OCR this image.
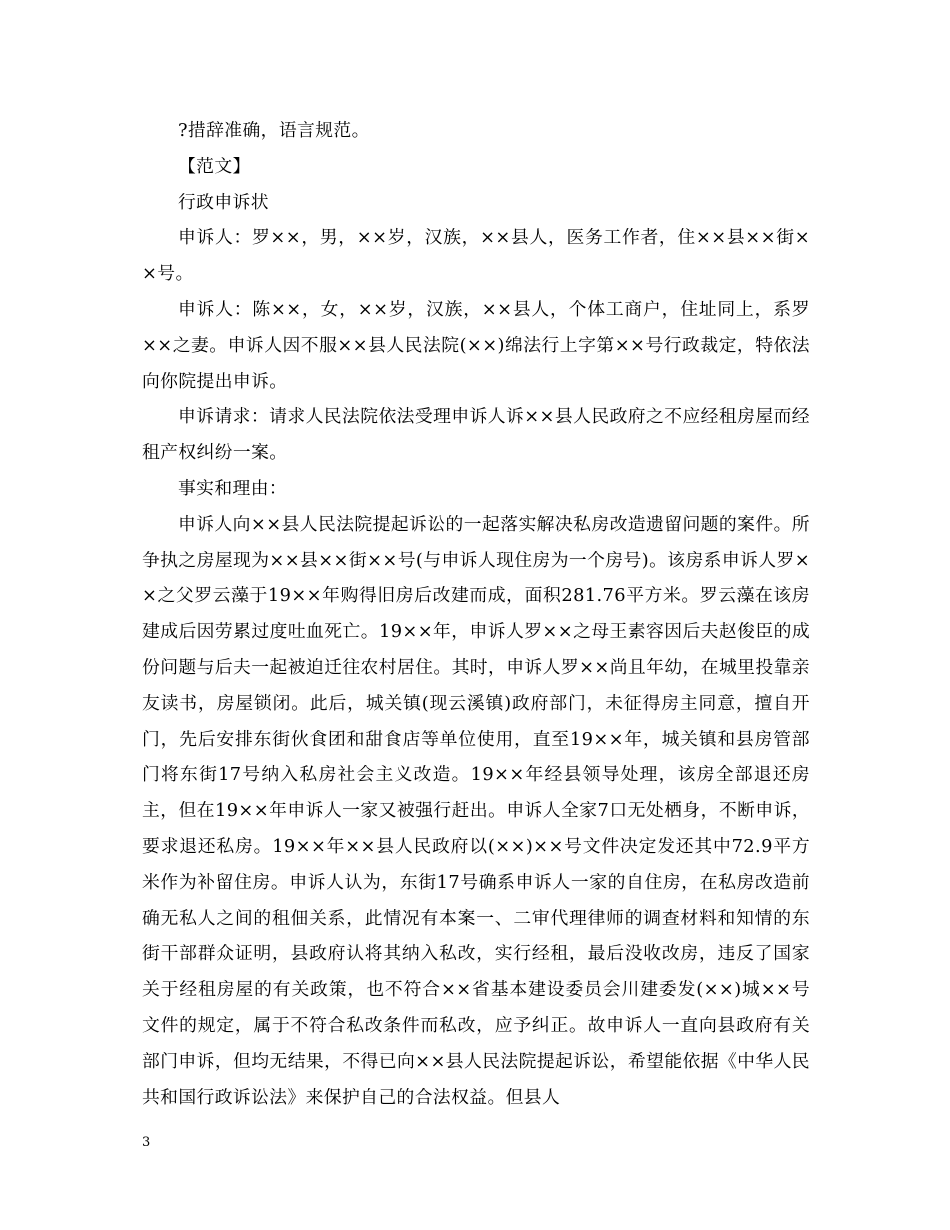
?措辞准确，语言规范。

【范文】

行政申诉状

申诉人：罗××，男，××岁，汉族，××县人，医务工作者，住××县××街××号。

申诉人：陈××，女，××岁，汉族，××县人，个体工商户，住址同上，系罗××之妻。申诉人因不服××县人民法院(××)绵法行上字第××号行政裁定，特依法向你院提出申诉。

申诉请求：请求人民法院依法受理申诉人诉××县人民政府之不应经租房屋而经租产权纠纷一案。

事实和理由：

申诉人向××县人民法院提起诉讼的一起落实解决私房改造遗留问题的案件。所争执之房屋现为××县××街××号(与申诉人现住房为一个房号)。该房系申诉人罗××之父罗云藻于19××年购得旧房后改建而成，面积281.76平方米。罗云藻在该房建成后因劳累过度吐血死亡。19××年，申诉人罗××之母王素容因后夫赵俊臣的成份问题与后夫一起被迫迁往农村居住。其时，申诉人罗××尚且年幼，在城里投靠亲友读书，房屋锁闭。此后，城关镇(现云溪镇)政府部门，未征得房主同意，擅自开门，先后安排东街伙食团和甜食店等单位使用，直至19××年，城关镇和县房管部门将东街17号纳入私房社会主义改造。19××年经县领导处理，该房全部退还房主，但在19××年申诉人一家又被强行赶出。申诉人全家7口无处栖身，不断申诉，要求退还私房。19××年××县人民政府以(××)××号文件决定发还其中72.9平方米作为补留住房。申诉人认为，东街17号确系申诉人一家的自住房，在私房改造前确无私人之间的租佃关系，此情况有本案一、二审代理律师的调查材料和知情的东街干部群众证明，县政府认将其纳入私改，实行经租，最后没收改房，违反了国家关于经租房屋的有关政策，也不符合××省基本建设委员会川建委发(××)城××号文件的规定，属于不符合私改条件而私改，应予纠正。故申诉人一直向县政府有关部门申诉，但均无结果，不得已向××县人民法院提起诉讼，希望能依据《中华人民共和国行政诉讼法》来保护自己的合法权益。但县人

3
